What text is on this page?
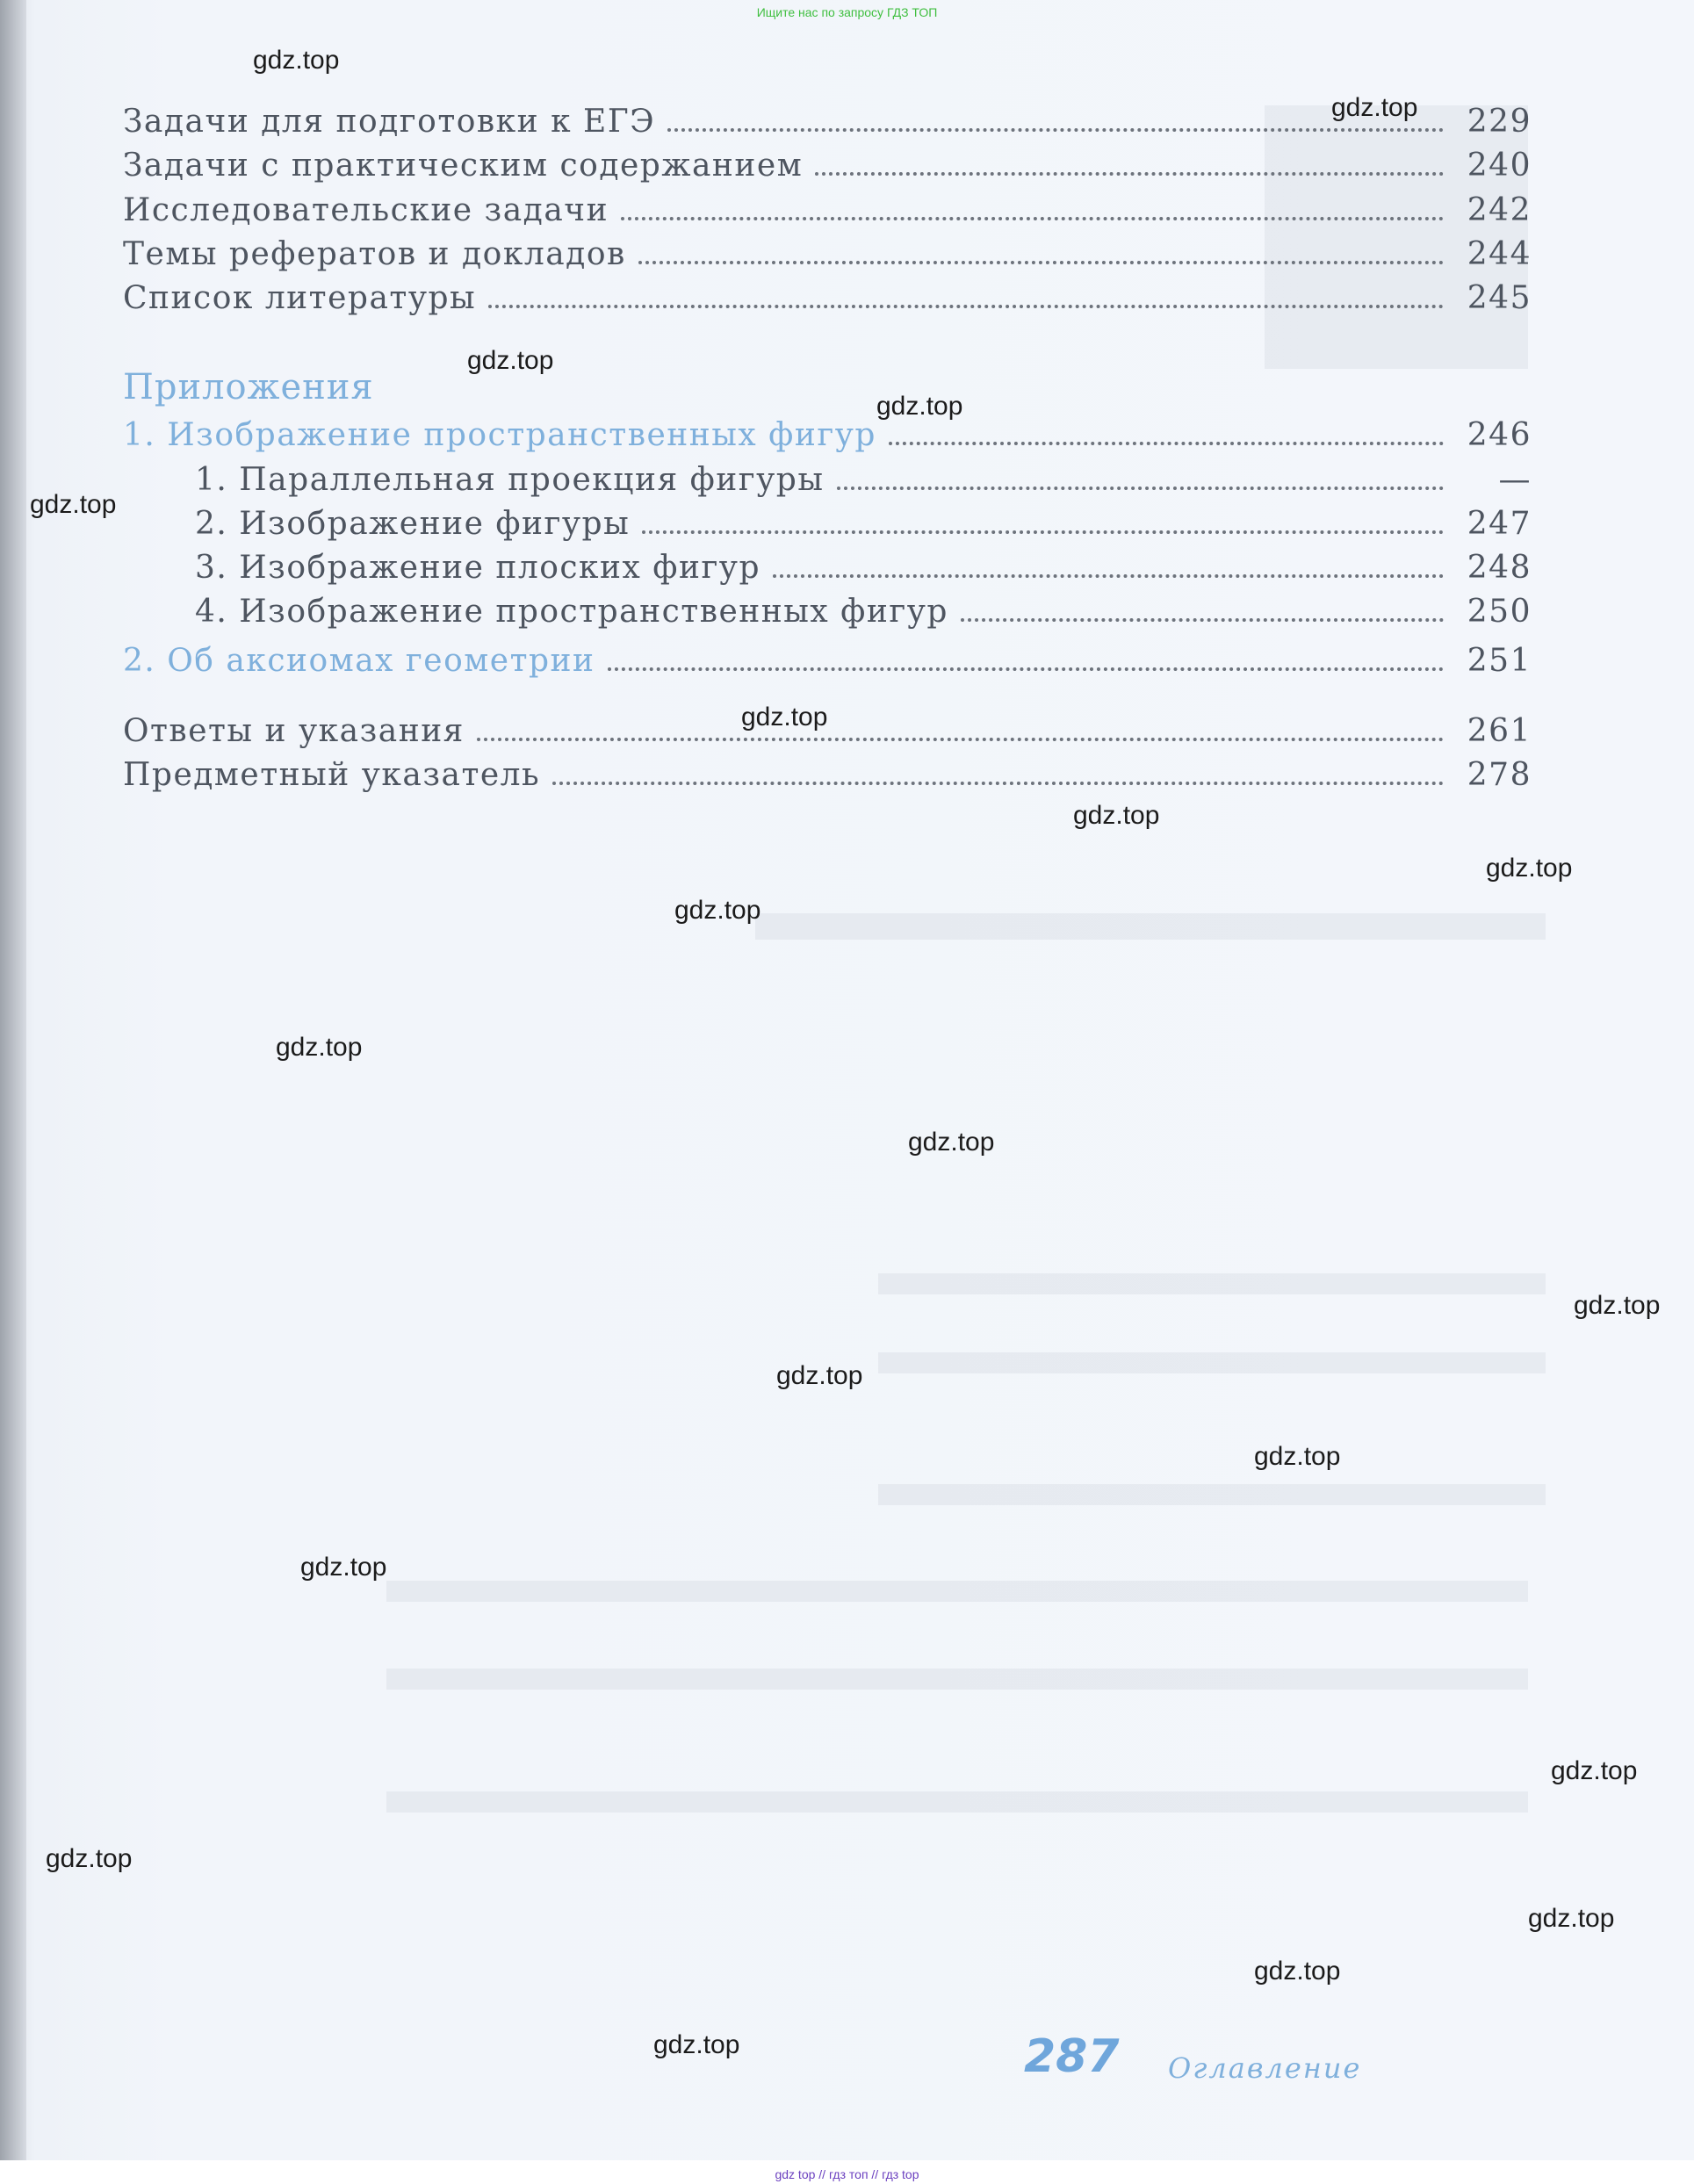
Ищите нас по запросу ГДЗ ТОП
Задачи для подготовки к ЕГЭ	229
Задачи с практическим содержанием	240
Исследовательские задачи	242
Темы рефератов и докладов	244
Список литературы	245
Приложения
1. Изображение пространственных фигур	246
1. Параллельная проекция фигуры	—
2. Изображение фигуры	247
3. Изображение плоских фигур	248
4. Изображение пространственных фигур	250
2. Об аксиомах геометрии	251
Ответы и указания	261
Предметный указатель	278
287 Оглавление
gdz.top
gdz.top
gdz.top
gdz.top
gdz.top
gdz.top
gdz.top
gdz.top
gdz.top
gdz.top
gdz.top
gdz.top
gdz.top
gdz.top
gdz.top
gdz.top
gdz.top
gdz.top
gdz.top
gdz.top
gdz top // гдз топ // гдз top
